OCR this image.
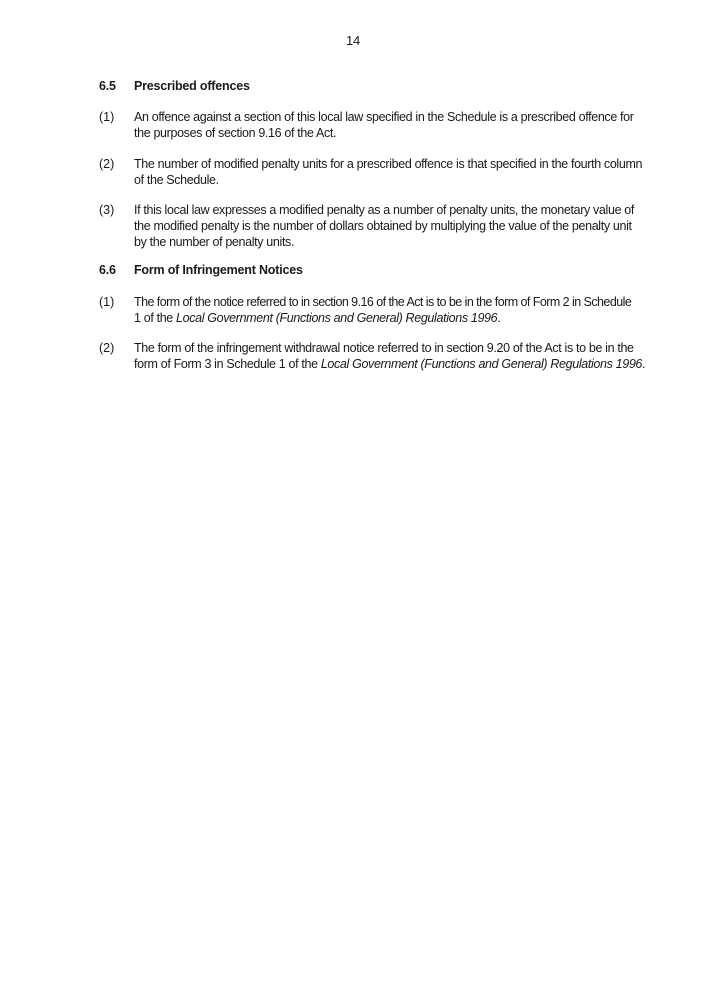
14
6.5 Prescribed offences
(1) An offence against a section of this local law specified in the Schedule is a prescribed offence for
the purposes of section 9.16 of the Act.
(2) The number of modified penalty units for a prescribed offence is that specified in the fourth column
of the Schedule.
(3) If this local law expresses a modified penalty as a number of penalty units, the monetary value of
the modified penalty is the number of dollars obtained by multiplying the value of the penalty unit
by the number of penalty units.
6.6 Form of Infringement Notices
(1) The form of the notice referred to in section 9.16 of the Act is to be in the form of Form 2 in Schedule
1 of the Local Government (Functions and General) Regulations 1996.
(2) The form of the infringement withdrawal notice referred to in section 9.20 of the Act is to be in the
form of Form 3 in Schedule 1 of the Local Government (Functions and General) Regulations 1996.
